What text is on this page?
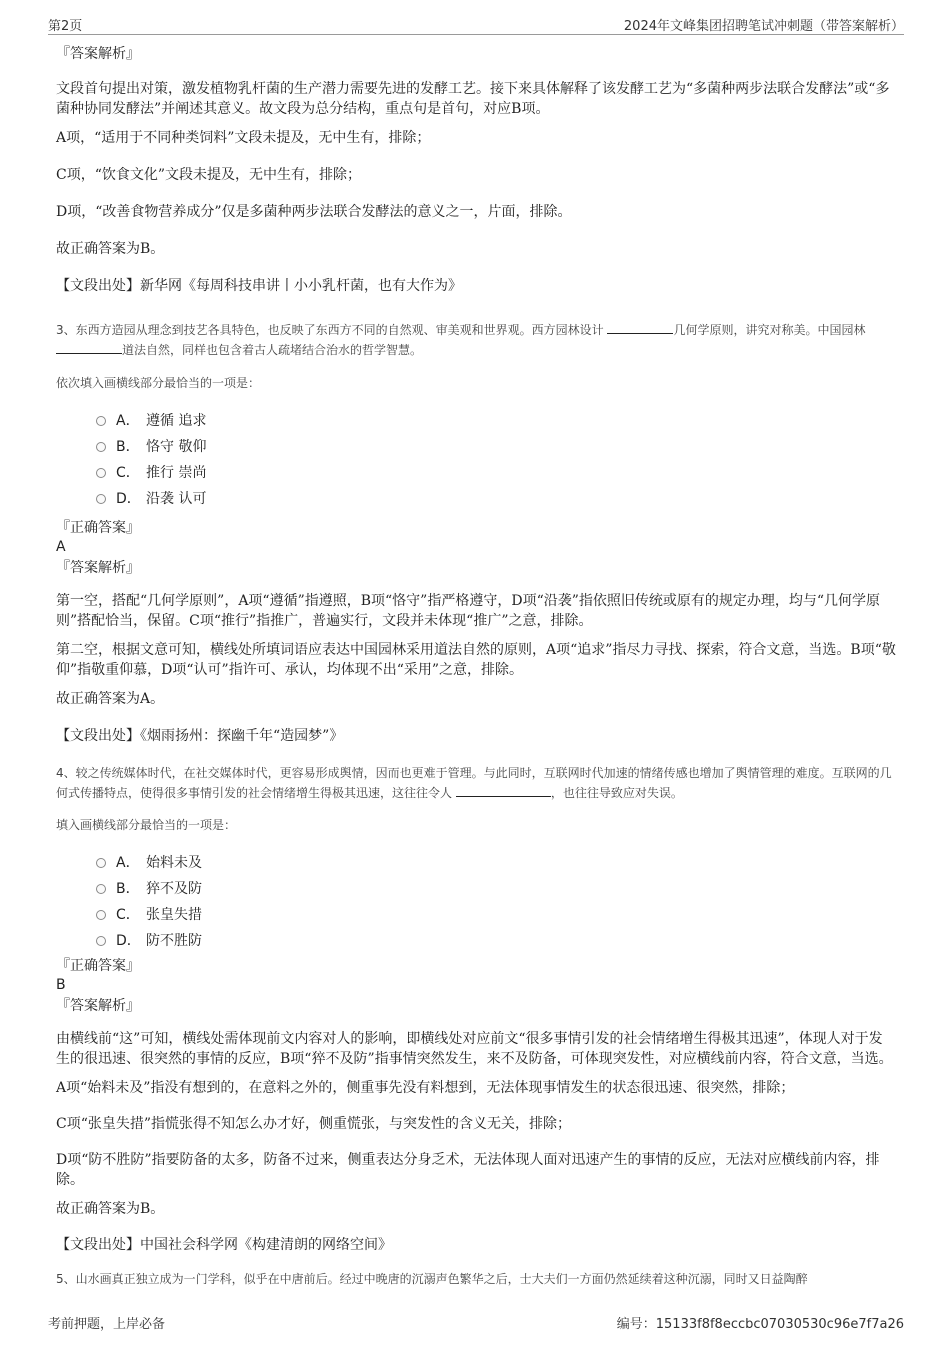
第2页	2024年文峰集团招聘笔试冲刺题（带答案解析）
『答案解析』

文段首句提出对策，激发植物乳杆菌的生产潜力需要先进的发酵工艺。接下来具体解释了该发酵工艺为“多菌种两步法联合发酵法”或“多菌种协同发酵法”并阐述其意义。故文段为总分结构，重点句是首句，对应B项。

A项，“适用于不同种类饲料”文段未提及，无中生有，排除；

C项，“饮食文化”文段未提及，无中生有，排除；

D项，“改善食物营养成分”仅是多菌种两步法联合发酵法的意义之一，片面，排除。

故正确答案为B。

【文段出处】新华网《每周科技串讲丨小小乳杆菌，也有大作为》

3、东西方造园从理念到技艺各具特色，也反映了东西方不同的自然观、审美观和世界观。西方园林设计	几何学原则，讲究对称美。中国园林 道法自然，同样也包含着古人疏堵结合治水的哲学智慧。

依次填入画横线部分最恰当的一项是：

A． 遵循 追求
B． 恪守 敬仰
C． 推行 崇尚
D． 沿袭 认可
『正确答案』
A
『答案解析』

第一空，搭配“几何学原则”，A项“遵循”指遵照，B项“恪守”指严格遵守，D项“沿袭”指依照旧传统或原有的规定办理，均与“几何学原则”搭配恰当，保留。C项“推行”指推广，普遍实行，文段并未体现“推广”之意，排除。

第二空，根据文意可知，横线处所填词语应表达中国园林采用道法自然的原则，A项“追求”指尽力寻找、探索，符合文意，当选。B项“敬仰”指敬重仰慕，D项“认可”指许可、承认，均体现不出“采用”之意，排除。

故正确答案为A。

【文段出处】《烟雨扬州：探幽千年“造园梦”》

4、较之传统媒体时代，在社交媒体时代，更容易形成舆情，因而也更难于管理。与此同时，互联网时代加速的情绪传感也增加了舆情管理的难度。互联网的几何式传播特点，使得很多事情引发的社会情绪增生得极其迅速，这往往令人	，也往往导致应对失误。

填入画横线部分最恰当的一项是：

A． 始料未及
B． 猝不及防
C． 张皇失措
D． 防不胜防
『正确答案』
B
『答案解析』

由横线前“这”可知，横线处需体现前文内容对人的影响，即横线处对应前文“很多事情引发的社会情绪增生得极其迅速”，体现人对于发生的很迅速、很突然的事情的反应，B项“猝不及防”指事情突然发生，来不及防备，可体现突发性，对应横线前内容，符合文意，当选。

A项“始料未及”指没有想到的，在意料之外的，侧重事先没有料想到，无法体现事情发生的状态很迅速、很突然，排除；

C项“张皇失措”指慌张得不知怎么办才好，侧重慌张，与突发性的含义无关，排除；

D项“防不胜防”指要防备的太多，防备不过来，侧重表达分身乏术，无法体现人面对迅速产生的事情的反应，无法对应横线前内容，排除。

故正确答案为B。

【文段出处】中国社会科学网《构建清朗的网络空间》

5、山水画真正独立成为一门学科，似乎在中唐前后。经过中晚唐的沉溺声色繁华之后，士大夫们一方面仍然延续着这种沉溺，同时又日益陶醉

考前押题，上岸必备	编号：15133f8f8eccbc07030530c96e7f7a26
